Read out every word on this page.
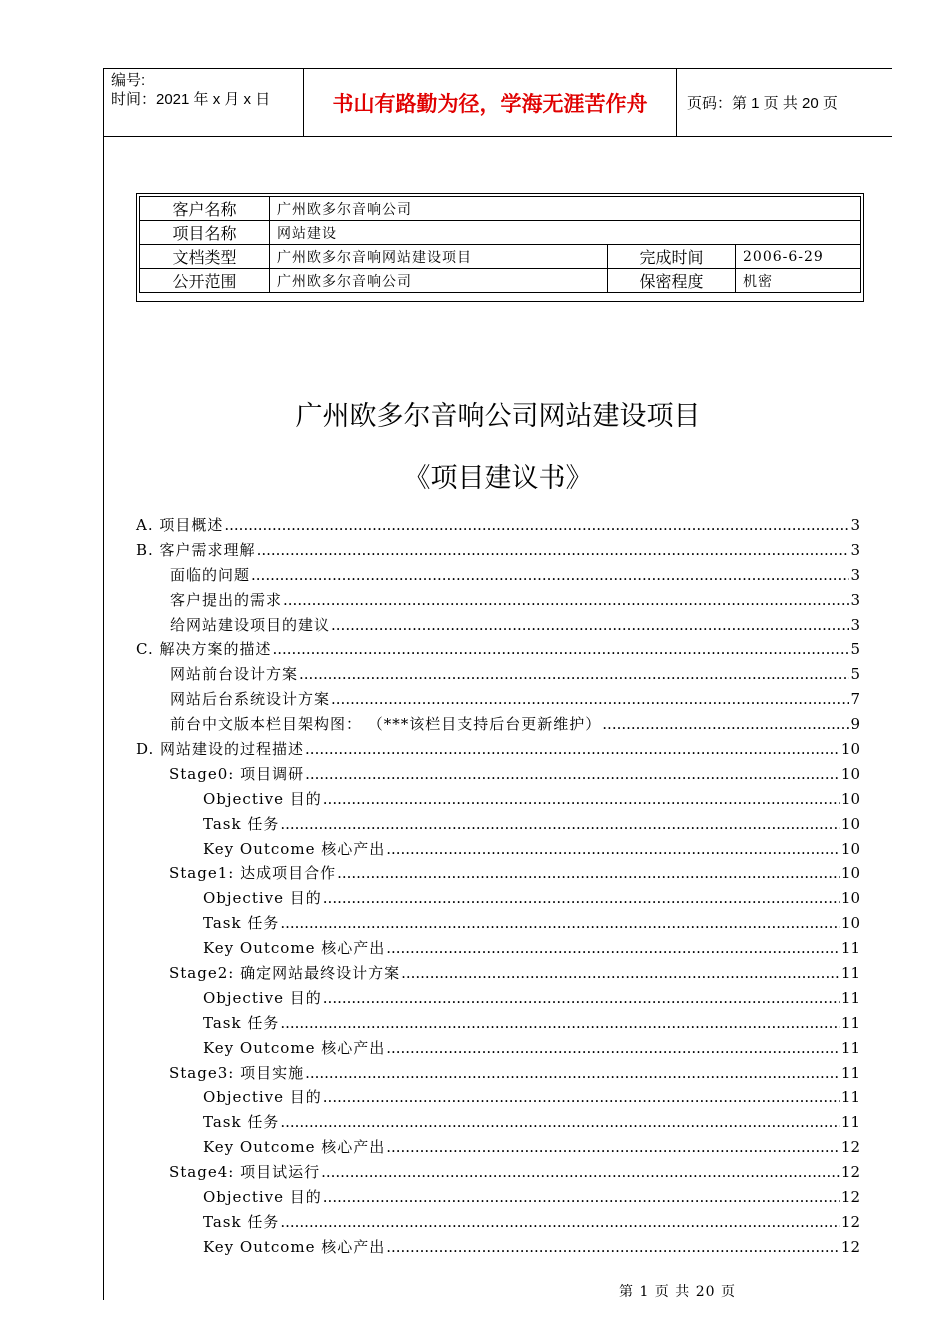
编号:
时间：2021 年 x 月 x 日	书山有路勤为径，学海无涯苦作舟	页码：第 1 页 共 20 页
客户名称	广州欧多尔音响公司		
项目名称	网站建设		
文档类型	广州欧多尔音响网站建设项目	完成时间	2006-6-29
公开范围	广州欧多尔音响公司	保密程度	机密
广州欧多尔音响公司网站建设项目
《项目建议书》
A. 项目概述 .....	3
B. 客户需求理解 .....	3
面临的问题 .....	3
客户提出的需求 .....	3
给网站建设项目的建议 .....	3
C. 解决方案的描述 .....	5
网站前台设计方案 .....	5
网站后台系统设计方案 .....	7
前台中文版本栏目架构图： （***该栏目支持后台更新维护） .....	9
D. 网站建设的过程描述 .....	10
Stage0: 项目调研 .....	10
Objective 目的 .....	10
Task 任务 .....	10
Key Outcome 核心产出 .....	10
Stage1: 达成项目合作 .....	10
Objective 目的 .....	10
Task 任务 .....	10
Key Outcome 核心产出 .....	11
Stage2: 确定网站最终设计方案 .....	11
Objective 目的 .....	11
Task 任务 .....	11
Key Outcome 核心产出 .....	11
Stage3: 项目实施 .....	11
Objective 目的 .....	11
Task 任务 .....	11
Key Outcome 核心产出 .....	12
Stage4: 项目试运行 .....	12
Objective 目的 .....	12
Task 任务 .....	12
Key Outcome 核心产出 .....	12
第 1 页 共 20 页
